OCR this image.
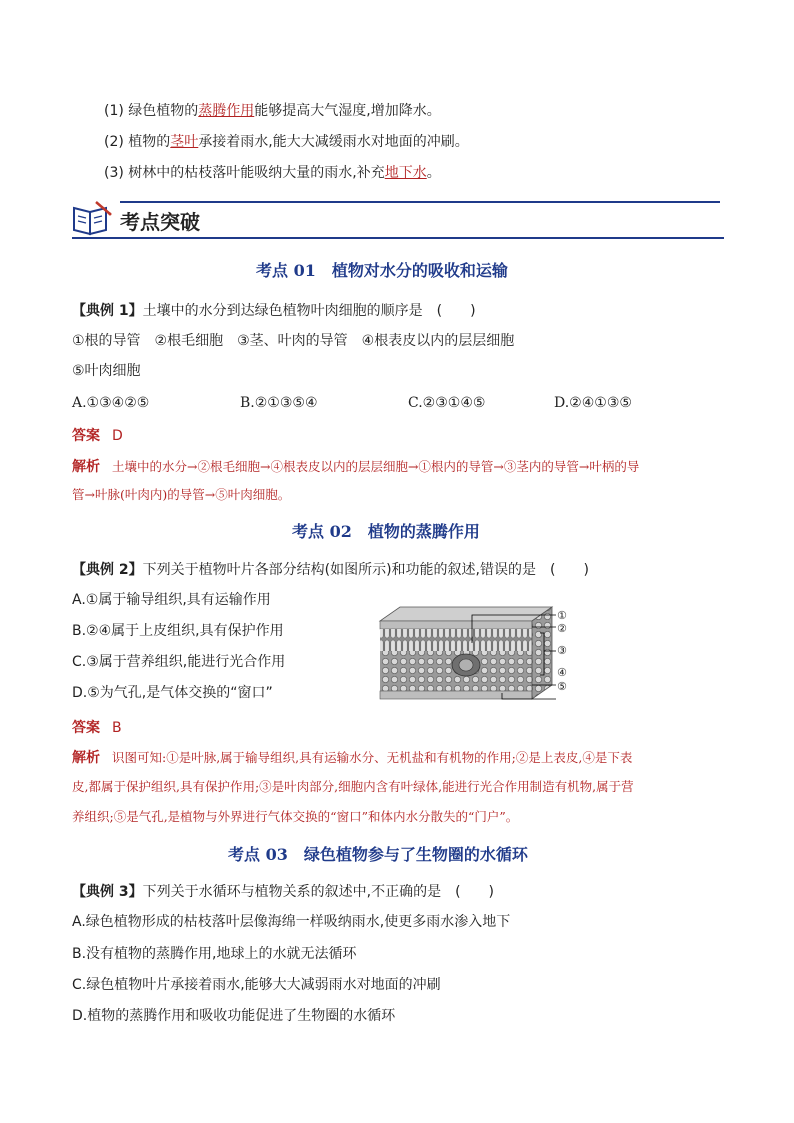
(1) 绿色植物的蒸腾作用能够提高大气湿度,增加降水。
(2) 植物的茎叶承接着雨水,能大大减缓雨水对地面的冲刷。
(3) 树林中的枯枝落叶能吸纳大量的雨水,补充地下水。
考点突破
考点 01　植物对水分的吸收和运输
【典例 1】土壤中的水分到达绿色植物叶肉细胞的顺序是　(　　)
①根的导管　②根毛细胞　③茎、叶肉的导管　④根表皮以内的层层细胞
⑤叶肉细胞
A.①③④②⑤	B.②①③⑤④	C.②③①④⑤	D.②④①③⑤
答案 D
解析 土壤中的水分→②根毛细胞→④根表皮以内的层层细胞→①根内的导管→③茎内的导管→叶柄的导
管→叶脉(叶肉内)的导管→⑤叶肉细胞。
考点 02　植物的蒸腾作用
【典例 2】下列关于植物叶片各部分结构(如图所示)和功能的叙述,错误的是　(　　)
A.①属于输导组织,具有运输作用
B.②④属于上皮组织,具有保护作用
C.③属于营养组织,能进行光合作用
D.⑤为气孔,是气体交换的“窗口”
①
②
③
④
⑤
答案 B
解析 识图可知:①是叶脉,属于输导组织,具有运输水分、无机盐和有机物的作用;②是上表皮,④是下表
皮,都属于保护组织,具有保护作用;③是叶肉部分,细胞内含有叶绿体,能进行光合作用制造有机物,属于营
养组织;⑤是气孔,是植物与外界进行气体交换的“窗口”和体内水分散失的“门户”。
考点 03　绿色植物参与了生物圈的水循环
【典例 3】下列关于水循环与植物关系的叙述中,不正确的是　(　　)
A.绿色植物形成的枯枝落叶层像海绵一样吸纳雨水,使更多雨水渗入地下
B.没有植物的蒸腾作用,地球上的水就无法循环
C.绿色植物叶片承接着雨水,能够大大减弱雨水对地面的冲刷
D.植物的蒸腾作用和吸收功能促进了生物圈的水循环
